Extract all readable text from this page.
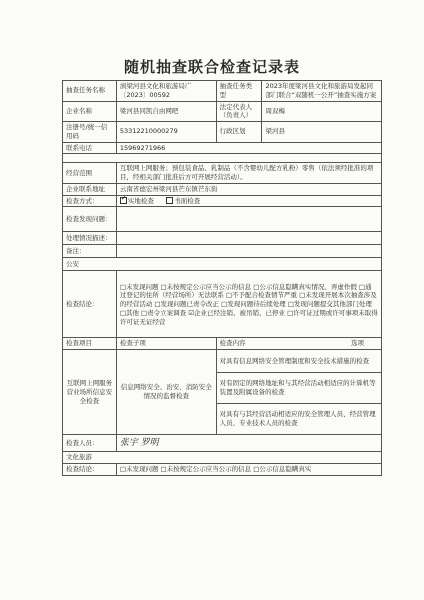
随机抽查联合检查记录表
抽查任务名称	滇梁河县文化和旅游局广〔2023〕00592	抽查任务类型	2023年度梁河县文化和旅游局发起同部门联合“双随机一公开”抽查实施方案
企业名称	梁河县同凯自由网吧	法定代表人（负责人）	周双梅
注册号/统一信用码	53312210000279	行政区划	梁河县
联系电话	15969271966		

经营范围	互联网上网服务；预包装食品、乳制品（不含婴幼儿配方乳粉）零售（依法须经批准的项目，经相关部门批准后方可开展经营活动）。		
企业联系地址	云南省德宏州梁河县芒东镇芒东街		
检查方式：	✓实地检查 书面检查
检查发现问题：			
处理情况描述：			
备注：			
公安			
检查结论：	□未发现问题 □未按规定公示应当公示的信息 □公示信息隐瞒真实情况、弄虚作假 □通过登记的住所（经营场所）无法联系 □不予配合检查情节严重 □未发现开展本次抽查涉及的经营活动 □发现问题已责令改正 □发现问题待后续处理 □发现问题提交其他部门处理 □其他 □责令立案调查 ☑企业已经注销、被吊销、已停业 □许可证过期或许可事项未取得许可证无证经营		
检查项目	检查子项	检查内容 选项	

互联网上网服务营业场所信息安全检查	信息网络安全、治安、消防安全情况的监督检查	对具有信息网络安全管理制度和安全技术措施的检查	
		对有固定的网络地址和与其经营活动相适应的计算机等装置及附属设备的检查	
		对具有与其经营活动相适应的安全管理人员、经营管理人员、专业技术人员的检查	
检查人员：	张宇 罗明		
文化旅游			
检查结论：	□未发现问题 □未按规定公示应当公示的信息 □公示信息隐瞒真实		
